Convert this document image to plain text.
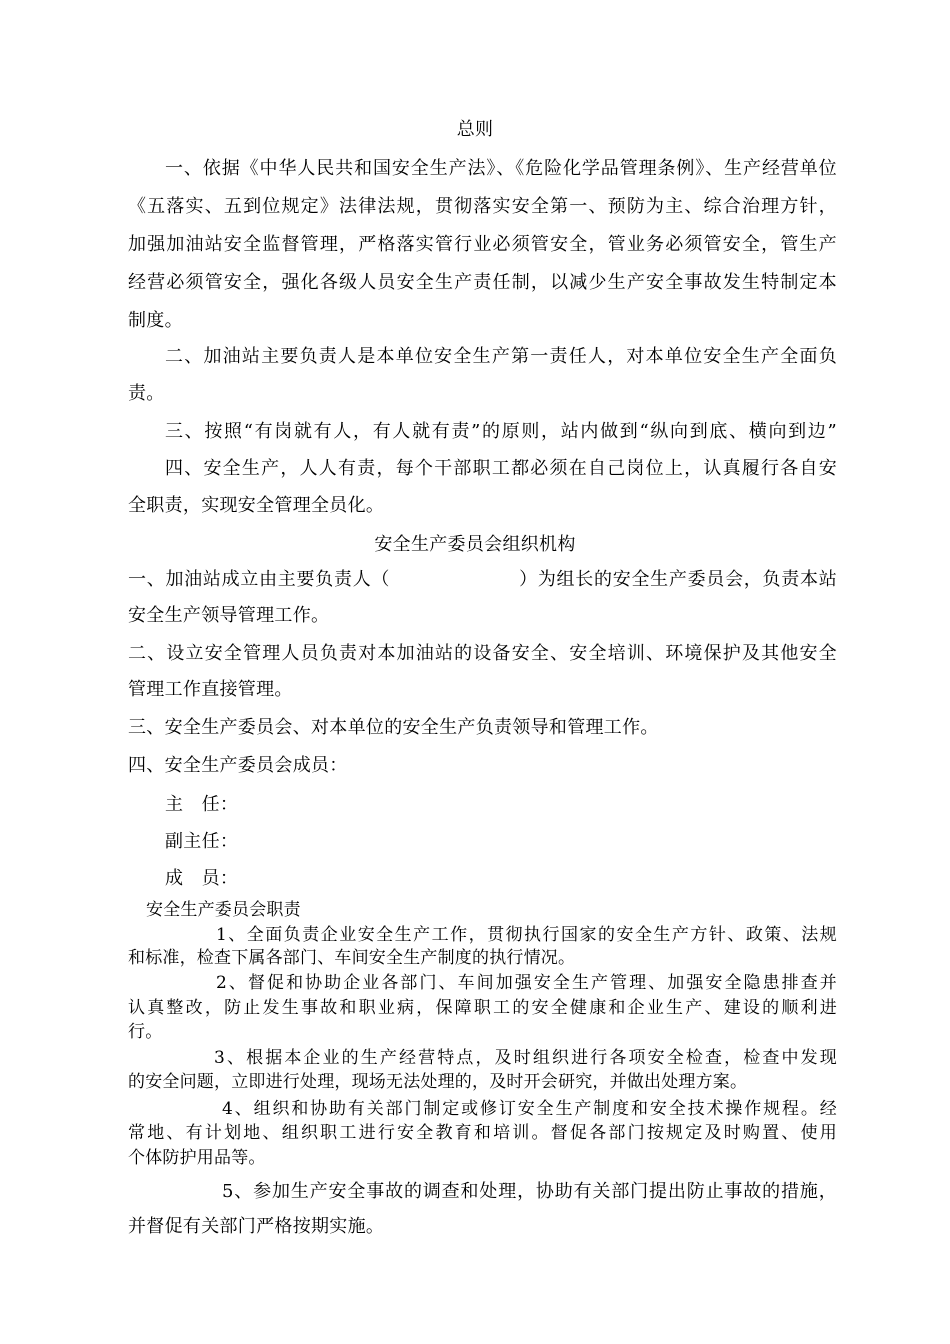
总则
一、依据《中华人民共和国安全生产法》、《危险化学品管理条例》、生产经营单位
《五落实、五到位规定》法律法规，贯彻落实安全第一、预防为主、综合治理方针，
加强加油站安全监督管理，严格落实管行业必须管安全，管业务必须管安全，管生产
经营必须管安全，强化各级人员安全生产责任制，以减少生产安全事故发生特制定本
制度。
二、加油站主要负责人是本单位安全生产第一责任人，对本单位安全生产全面负
责。
三、按照“有岗就有人，有人就有责”的原则，站内做到“纵向到底、横向到边”
四、安全生产，人人有责，每个干部职工都必须在自己岗位上，认真履行各自安
全职责，实现安全管理全员化。
安全生产委员会组织机构
一、加油站成立由主要负责人（                    ）为组长的安全生产委员会，负责本站
安全生产领导管理工作。
二、设立安全管理人员负责对本加油站的设备安全、安全培训、环境保护及其他安全
管理工作直接管理。
三、安全生产委员会、对本单位的安全生产负责领导和管理工作。
四、安全生产委员会成员：
主　任：
副主任：
成　员：
安全生产委员会职责
1、全面负责企业安全生产工作，贯彻执行国家的安全生产方针、政策、法规
和标准，检查下属各部门、车间安全生产制度的执行情况。
2、督促和协助企业各部门、车间加强安全生产管理、加强安全隐患排查并
认真整改，防止发生事故和职业病，保障职工的安全健康和企业生产、建设的顺利进
行。
3、根据本企业的生产经营特点，及时组织进行各项安全检查，检查中发现
的安全问题，立即进行处理，现场无法处理的，及时开会研究，并做出处理方案。
4、组织和协助有关部门制定或修订安全生产制度和安全技术操作规程。经
常地、有计划地、组织职工进行安全教育和培训。督促各部门按规定及时购置、使用
个体防护用品等。
5、参加生产安全事故的调查和处理，协助有关部门提出防止事故的措施，
并督促有关部门严格按期实施。
